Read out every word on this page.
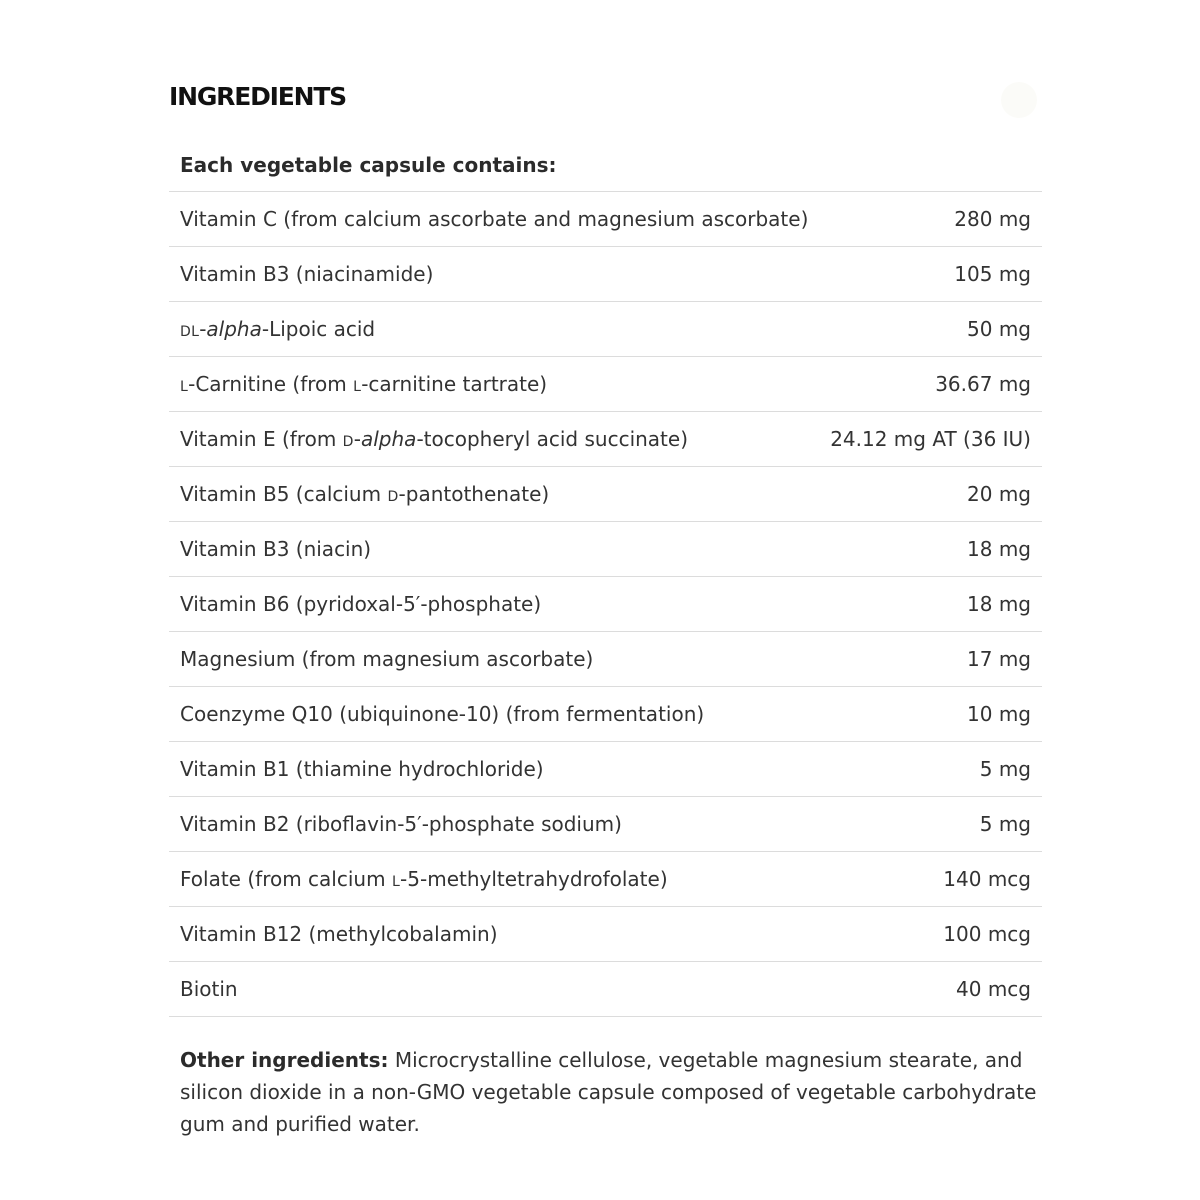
INGREDIENTS
Each vegetable capsule contains:
Vitamin C (from calcium ascorbate and magnesium ascorbate)	280 mg
Vitamin B3 (niacinamide)	105 mg
DL-alpha-Lipoic acid	50 mg
L-Carnitine (from L-carnitine tartrate)	36.67 mg
Vitamin E (from D-alpha-tocopheryl acid succinate)	24.12 mg AT (36 IU)
Vitamin B5 (calcium D-pantothenate)	20 mg
Vitamin B3 (niacin)	18 mg
Vitamin B6 (pyridoxal-5′-phosphate)	18 mg
Magnesium (from magnesium ascorbate)	17 mg
Coenzyme Q10 (ubiquinone-10) (from fermentation)	10 mg
Vitamin B1 (thiamine hydrochloride)	5 mg
Vitamin B2 (riboflavin-5′-phosphate sodium)	5 mg
Folate (from calcium L-5-methyltetrahydrofolate)	140 mcg
Vitamin B12 (methylcobalamin)	100 mcg
Biotin	40 mcg

Other ingredients: Microcrystalline cellulose, vegetable magnesium stearate, and silicon dioxide in a non-GMO vegetable capsule composed of vegetable carbohydrate gum and purified water.
